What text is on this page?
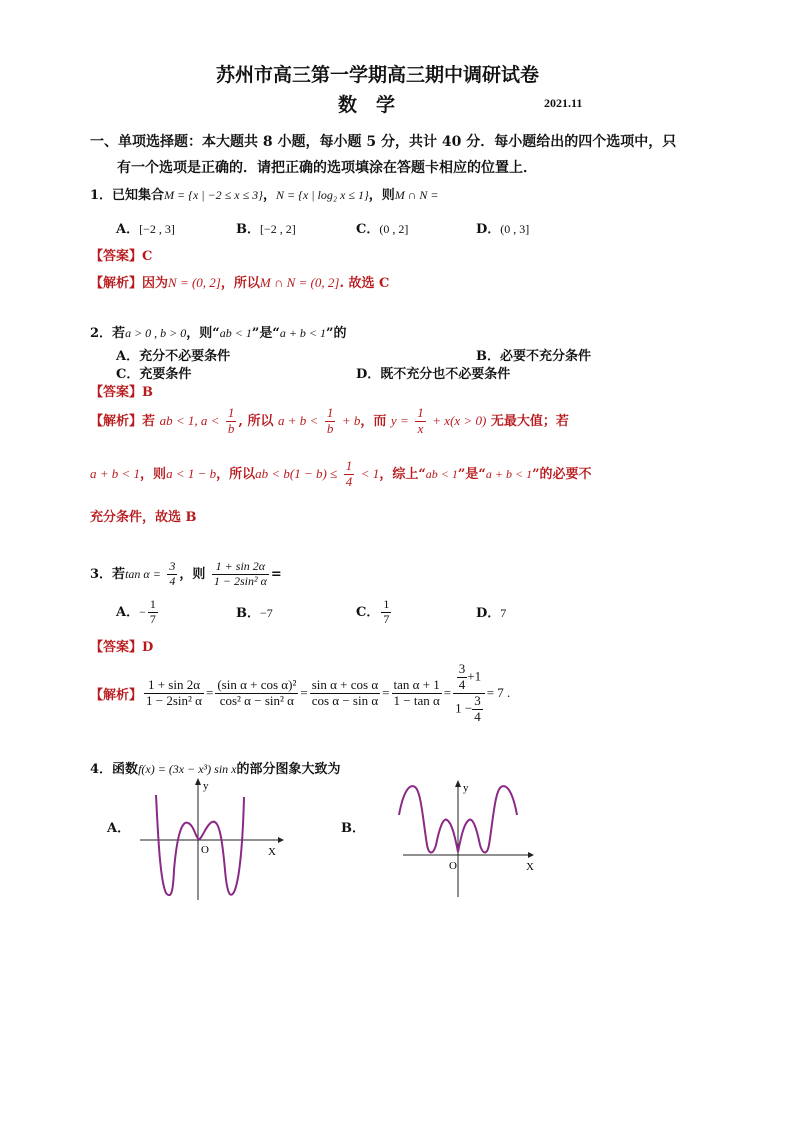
苏州市高三第一学期高三期中调研试卷
数　学	2021.11
一、单项选择题：本大题共 8 小题，每小题 5 分，共计 40 分．每小题给出的四个选项中，只
有一个选项是正确的．请把正确的选项填涂在答题卡相应的位置上．
1．已知集合M = {x | −2 ≤ x ≤ 3}，N = {x | log₂ x ≤ 1}，则M ∩ N =
A．[−2 , 3]	B．[−2 , 2]	C．(0 , 2]	D．(0 , 3]
【答案】C
【解析】因为N = (0, 2]，所以M ∩ N = (0, 2]. 故选 C
2．若a > 0 , b > 0，则“ab < 1”是“a + b < 1”的
A．充分不必要条件	B．必要不充分条件
C．充要条件	D．既不充分也不必要条件
【答案】B
【解析】若 ab < 1, $a < \frac{1}{b}$ , 所以 $a + b < \frac{1}{b} + b$，而 $y = \frac{1}{x} + x(x > 0)$ 无最大值；若
a + b < 1，则a < 1 − b，所以ab < $b(1 - b) \le \frac{1}{4} < 1$，综上“ab < 1”是“a + b < 1”的必要不
充分条件，故选 B
3．若$\tan \alpha = \frac{3}{4}$ ，则 $\frac{1 + \sin 2\alpha}{\text{1 − 2sin² α}}$ =
A．− $\frac{1}{7}$	B．−7	C． $\frac{1}{7}$	D．7
【答案】D
【解析】 $\frac{1 + \sin 2\alpha}{\text{1 − 2sin² α}} = \frac{\text{(sin α + cos α)²}}{\text{cos² α − sin² α}} = \frac{\text{sin α + cos α}}{\text{cos α − sin α}} = \frac{\text{tan α + 1}}{\text{1 − tan α}} = \frac{\frac{3}{4} +1}{1 - \frac{3}{4}} = 7$ .
4．函数f(x) = (3x − x³) sin x的部分图象大致为
A．
y
X
O
B．
y
X
O
